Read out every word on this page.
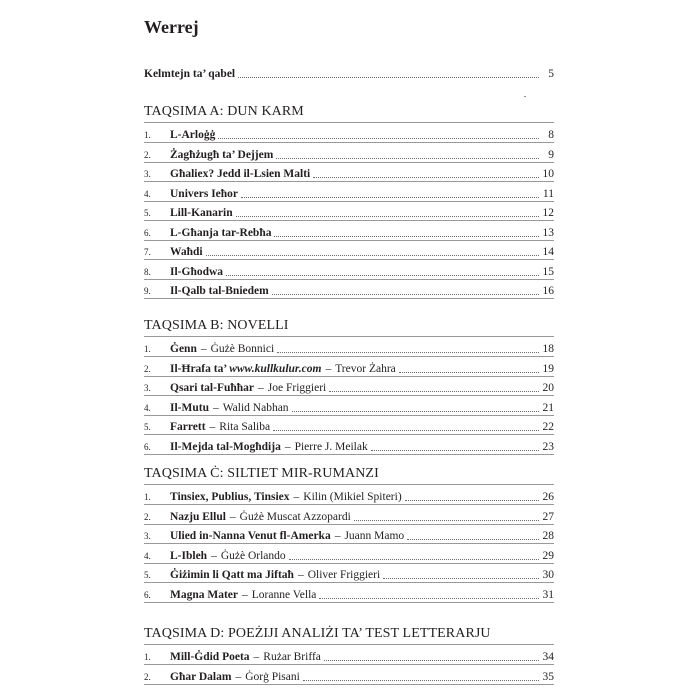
Werrej
Kelmtejn ta’ qabel	5
TAQSIMA A: DUN KARM
1.	L-Arloġġ	8
2.	Żagħżugħ ta’ Dejjem	9
3.	Għaliex? Jedd il-Lsien Malti	10
4.	Univers Ieħor	11
5.	Lill-Kanarin	12
6.	L-Għanja tar-Rebħa	13
7.	Waħdi	14
8.	Il-Għodwa	15
9.	Il-Qalb tal-Bniedem	16
TAQSIMA B: NOVELLI
1.	Ġenn – Ġużè Bonnici	18
2.	Il-Ħrafa ta’ www.kullkulur.com – Trevor Żahra	19
3.	Qsari tal-Fuħħar – Joe Friggieri	20
4.	Il-Mutu – Walid Nabhan	21
5.	Farrett – Rita Saliba	22
6.	Il-Mejda tal-Mogħdija – Pierre J. Meilak	23
TAQSIMA Ċ: SILTIET MIR-RUMANZI
1.	Tinsiex, Publius, Tinsiex – Kilin (Mikiel Spiteri)	26
2.	Nazju Ellul – Ġużè Muscat Azzopardi	27
3.	Ulied in-Nanna Venut fl-Amerka – Juann Mamo	28
4.	L-Ibleh – Ġużè Orlando	29
5.	Ġiżimin li Qatt ma Jiftaħ – Oliver Friggieri	30
6.	Magna Mater – Loranne Vella	31
TAQSIMA D: POEŻIJI ANALIŻI TA’ TEST LETTERARJU
1.	Mill-Ġdid Poeta – Rużar Briffa	34
2.	Għar Dalam – Ġorġ Pisani	35
